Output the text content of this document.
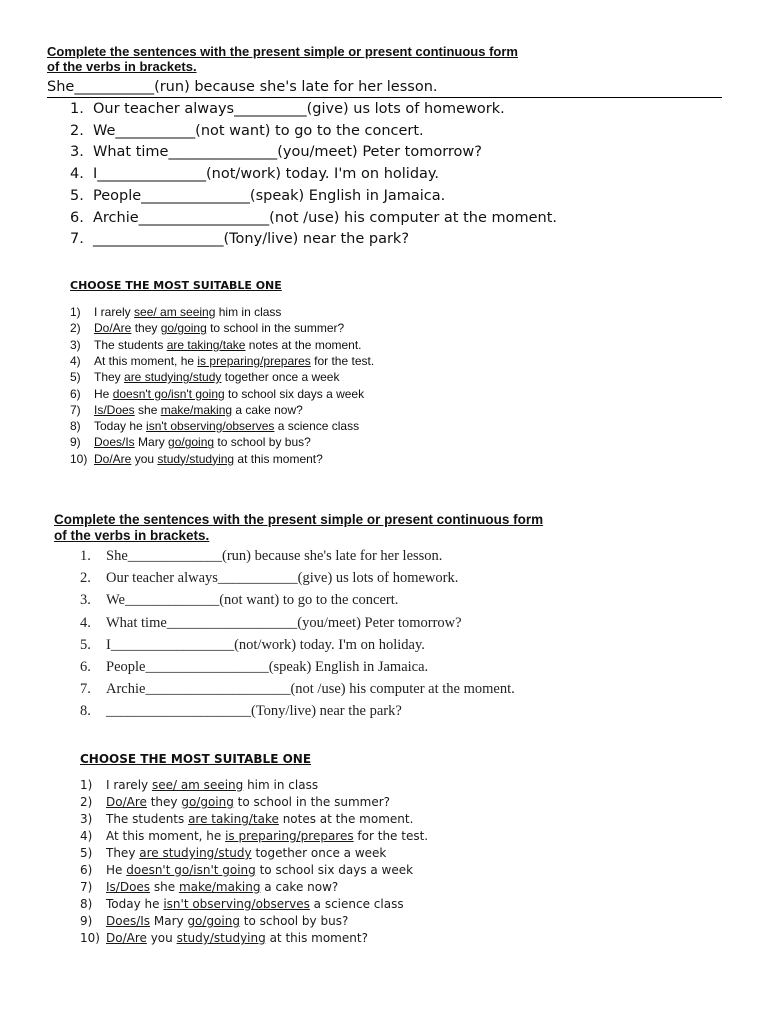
Complete the sentences with the present simple or present continuous form
of the verbs in brackets.
She___________(run) because she's late for her lesson.
1. Our teacher always__________(give) us lots of homework.
2. We___________(not want) to go to the concert.
3. What time_______________(you/meet) Peter tomorrow?
4. I_______________(not/work) today. I'm on holiday.
5. People_______________(speak) English in Jamaica.
6. Archie__________________(not /use) his computer at the moment.
7. __________________(Tony/live) near the park?
CHOOSE THE MOST SUITABLE ONE
1) I rarely see/ am seeing him in class
2) Do/Are they go/going to school in the summer?
3) The students are taking/take notes at the moment.
4) At this moment, he is preparing/prepares for the test.
5) They are studying/study together once a week
6) He doesn't go/isn't going to school six days a week
7) Is/Does she make/making a cake now?
8) Today he isn't observing/observes a science class
9) Does/Is Mary go/going to school by bus?
10) Do/Are you study/studying at this moment?
Complete the sentences with the present simple or present continuous form
of the verbs in brackets.
1. She_____________(run) because she's late for her lesson.
2. Our teacher always___________(give) us lots of homework.
3. We_____________(not want) to go to the concert.
4. What time__________________(you/meet) Peter tomorrow?
5. I_________________(not/work) today. I'm on holiday.
6. People_________________(speak) English in Jamaica.
7. Archie____________________(not /use) his computer at the moment.
8. ____________________(Tony/live) near the park?
CHOOSE THE MOST SUITABLE ONE
1) I rarely see/ am seeing him in class
2) Do/Are they go/going to school in the summer?
3) The students are taking/take notes at the moment.
4) At this moment, he is preparing/prepares for the test.
5) They are studying/study together once a week
6) He doesn't go/isn't going to school six days a week
7) Is/Does she make/making a cake now?
8) Today he isn't observing/observes a science class
9) Does/Is Mary go/going to school by bus?
10) Do/Are you study/studying at this moment?
